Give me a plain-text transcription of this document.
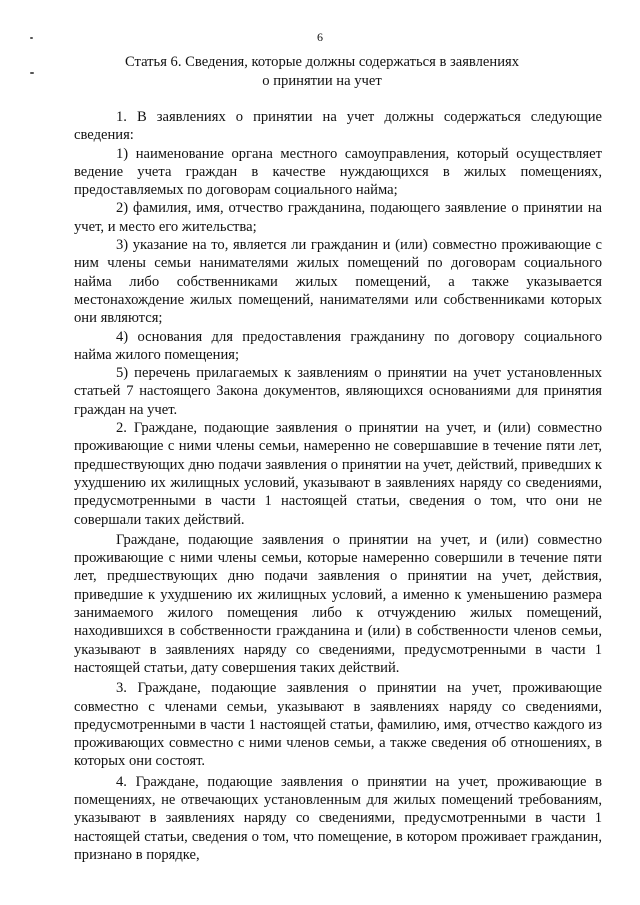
6
Статья 6. Сведения, которые должны содержаться в заявлениях
о принятии на учет

1. В заявлениях о принятии на учет должны содержаться следующие сведения:

1) наименование органа местного самоуправления, который осуществляет ведение учета граждан в качестве нуждающихся в жилых помещениях, предоставляемых по договорам социального найма;

2) фамилия, имя, отчество гражданина, подающего заявление о принятии на учет, и место его жительства;

3) указание на то, является ли гражданин и (или) совместно проживающие с ним члены семьи нанимателями жилых помещений по договорам социального найма либо собственниками жилых помещений, а также указывается местонахождение жилых помещений, нанимателями или собственниками которых они являются;

4) основания для предоставления гражданину по договору социального найма жилого помещения;

5) перечень прилагаемых к заявлениям о принятии на учет установленных статьей 7 настоящего Закона документов, являющихся основаниями для принятия граждан на учет.

2. Граждане, подающие заявления о принятии на учет, и (или) совместно проживающие с ними члены семьи, намеренно не совершавшие в течение пяти лет, предшествующих дню подачи заявления о принятии на учет, действий, приведших к ухудшению их жилищных условий, указывают в заявлениях наряду со сведениями, предусмотренными в части 1 настоящей статьи, сведения о том, что они не совершали таких действий.

Граждане, подающие заявления о принятии на учет, и (или) совместно проживающие с ними члены семьи, которые намеренно совершили в течение пяти лет, предшествующих дню подачи заявления о принятии на учет, действия, приведшие к ухудшению их жилищных условий, а именно к уменьшению размера занимаемого жилого помещения либо к отчуждению жилых помещений, находившихся в собственности гражданина и (или) в собственности членов семьи, указывают в заявлениях наряду со сведениями, предусмотренными в части 1 настоящей статьи, дату совершения таких действий.

3. Граждане, подающие заявления о принятии на учет, проживающие совместно с членами семьи, указывают в заявлениях наряду со сведениями, предусмотренными в части 1 настоящей статьи, фамилию, имя, отчество каждого из проживающих совместно с ними членов семьи, а также сведения об отношениях, в которых они состоят.

4. Граждане, подающие заявления о принятии на учет, проживающие в помещениях, не отвечающих установленным для жилых помещений требованиям, указывают в заявлениях наряду со сведениями, предусмотренными в части 1 настоящей статьи, сведения о том, что помещение, в котором проживает гражданин, признано в порядке,
